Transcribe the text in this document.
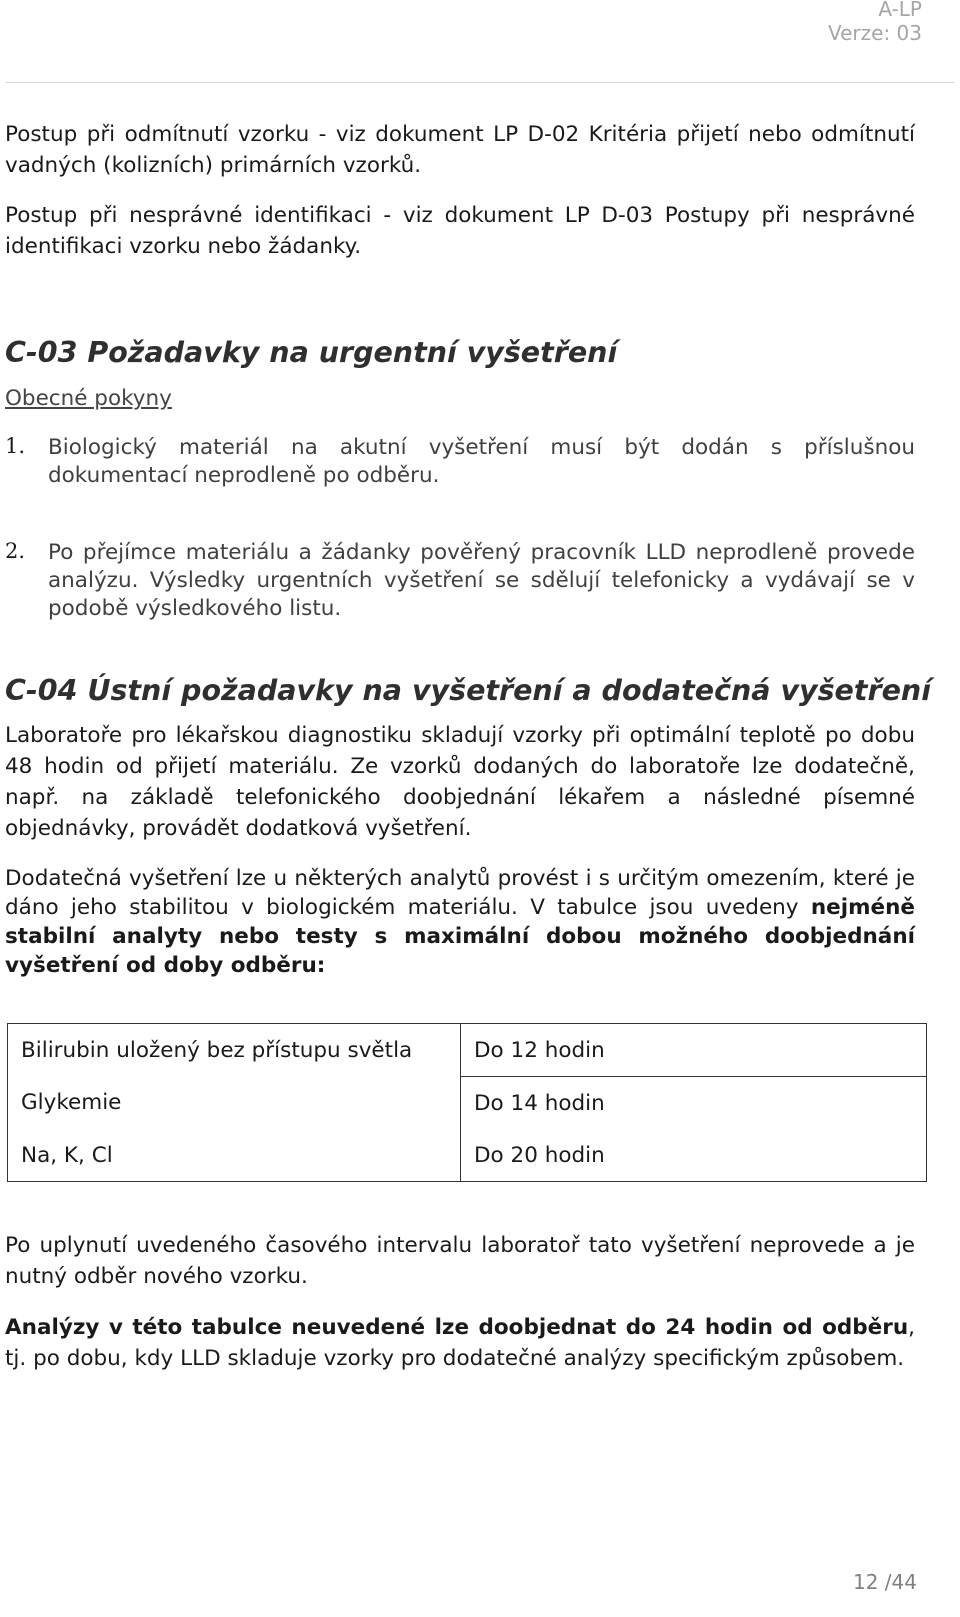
A-LP
Verze: 03
Postup při odmítnutí vzorku - viz dokument LP D-02 Kritéria přijetí nebo odmítnutí vadných (kolizních) primárních vzorků.
Postup při nesprávné identifikaci - viz dokument LP D-03 Postupy při nesprávné identifikaci vzorku nebo žádanky.
C-03 Požadavky na urgentní vyšetření
Obecné pokyny
1. Biologický materiál na akutní vyšetření musí být dodán s příslušnou dokumentací neprodleně po odběru.
2. Po přejímce materiálu a žádanky pověřený pracovník LLD neprodleně provede analýzu. Výsledky urgentních vyšetření se sdělují telefonicky a vydávají se v podobě výsledkového listu.
C-04 Ústní požadavky na vyšetření a dodatečná vyšetření
Laboratoře pro lékařskou diagnostiku skladují vzorky při optimální teplotě po dobu 48 hodin od přijetí materiálu. Ze vzorků dodaných do laboratoře lze dodatečně, např. na základě telefonického doobjednání lékařem a následné písemné objednávky, provádět dodatková vyšetření.
Dodatečná vyšetření lze u některých analytů provést i s určitým omezením, které je dáno jeho stabilitou v biologickém materiálu. V tabulce jsou uvedeny nejméně stabilní analyty nebo testy s maximální dobou možného doobjednání vyšetření od doby odběru:
Bilirubin uložený bez přístupu světla	Do 12 hodin
Glykemie	Do 14 hodin
Na, K, Cl	Do 20 hodin
Po uplynutí uvedeného časového intervalu laboratoř tato vyšetření neprovede a je nutný odběr nového vzorku.
Analýzy v této tabulce neuvedené lze doobjednat do 24 hodin od odběru, tj. po dobu, kdy LLD skladuje vzorky pro dodatečné analýzy specifickým způsobem.
12 /44
